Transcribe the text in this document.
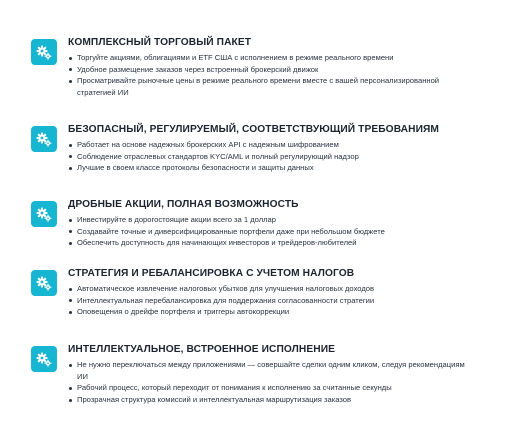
КОМПЛЕКСНЫЙ ТОРГОВЫЙ ПАКЕТ
Торгуйте акциями, облигациями и ETF США с исполнением в режиме реального времени
Удобное размещение заказов через встроенный брокерский движок
Просматривайте рыночные цены в режиме реального времени вместе с вашей персонализированной стратегией ИИ
БЕЗОПАСНЫЙ, РЕГУЛИРУЕМЫЙ, СООТВЕТСТВУЮЩИЙ ТРЕБОВАНИЯМ
Работает на основе надежных брокерских API с надежным шифрованием
Соблюдение отраслевых стандартов KYC/AML и полный регулирующий надзор
Лучшие в своем классе протоколы безопасности и защиты данных
ДРОБНЫЕ АКЦИИ, ПОЛНАЯ ВОЗМОЖНОСТЬ
Инвестируйте в дорогостоящие акции всего за 1 доллар
Создавайте точные и диверсифицированные портфели даже при небольшом бюджете
Обеспечить доступность для начинающих инвесторов и трейдеров-любителей
СТРАТЕГИЯ И РЕБАЛАНСИРОВКА С УЧЕТОМ НАЛОГОВ
Автоматическое извлечение налоговых убытков для улучшения налоговых доходов
Интеллектуальная перебалансировка для поддержания согласованности стратегии
Оповещения о дрейфе портфеля и триггеры автокоррекции
ИНТЕЛЛЕКТУАЛЬНОЕ, ВСТРОЕННОЕ ИСПОЛНЕНИЕ
Не нужно переключаться между приложениями — совершайте сделки одним кликом, следуя рекомендациям ИИ
Рабочий процесс, который переходит от понимания к исполнению за считанные секунды
Прозрачная структура комиссий и интеллектуальная маршрутизация заказов
